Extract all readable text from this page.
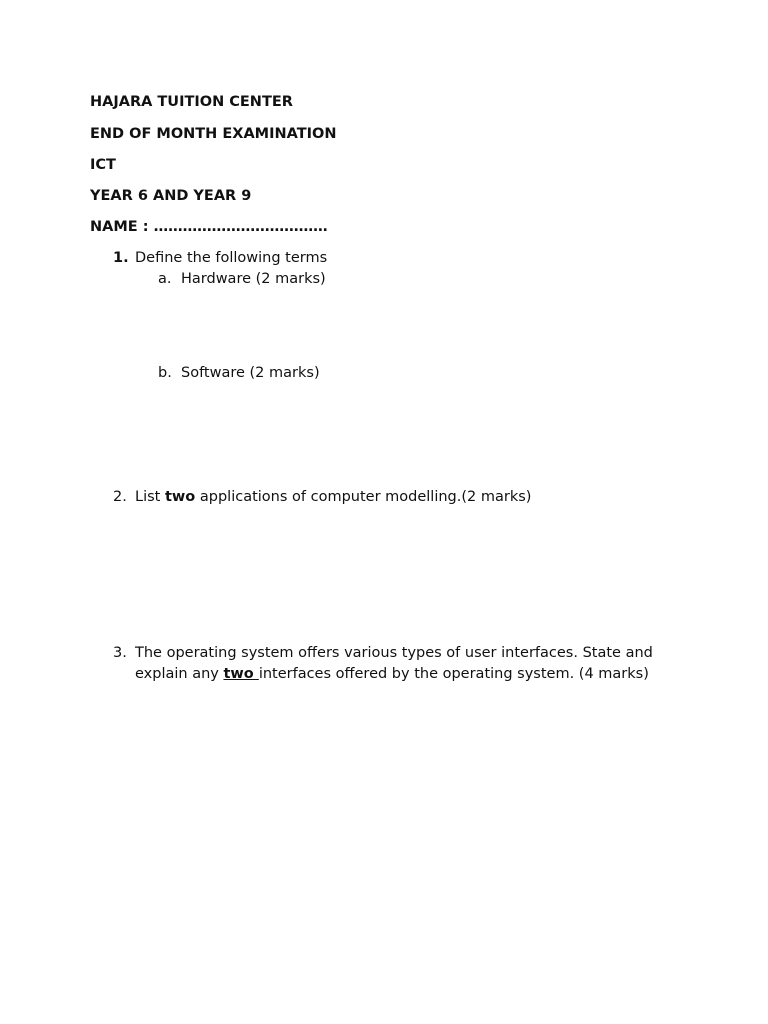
HAJARA TUITION CENTER
END OF MONTH EXAMINATION
ICT
YEAR 6 AND YEAR 9
NAME : ………………………………
1. Define the following terms
a. Hardware (2 marks)
b. Software (2 marks)
2. List two applications of computer modelling.(2 marks)
3. The operating system offers various types of user interfaces. State and
explain any two interfaces offered by the operating system. (4 marks)
